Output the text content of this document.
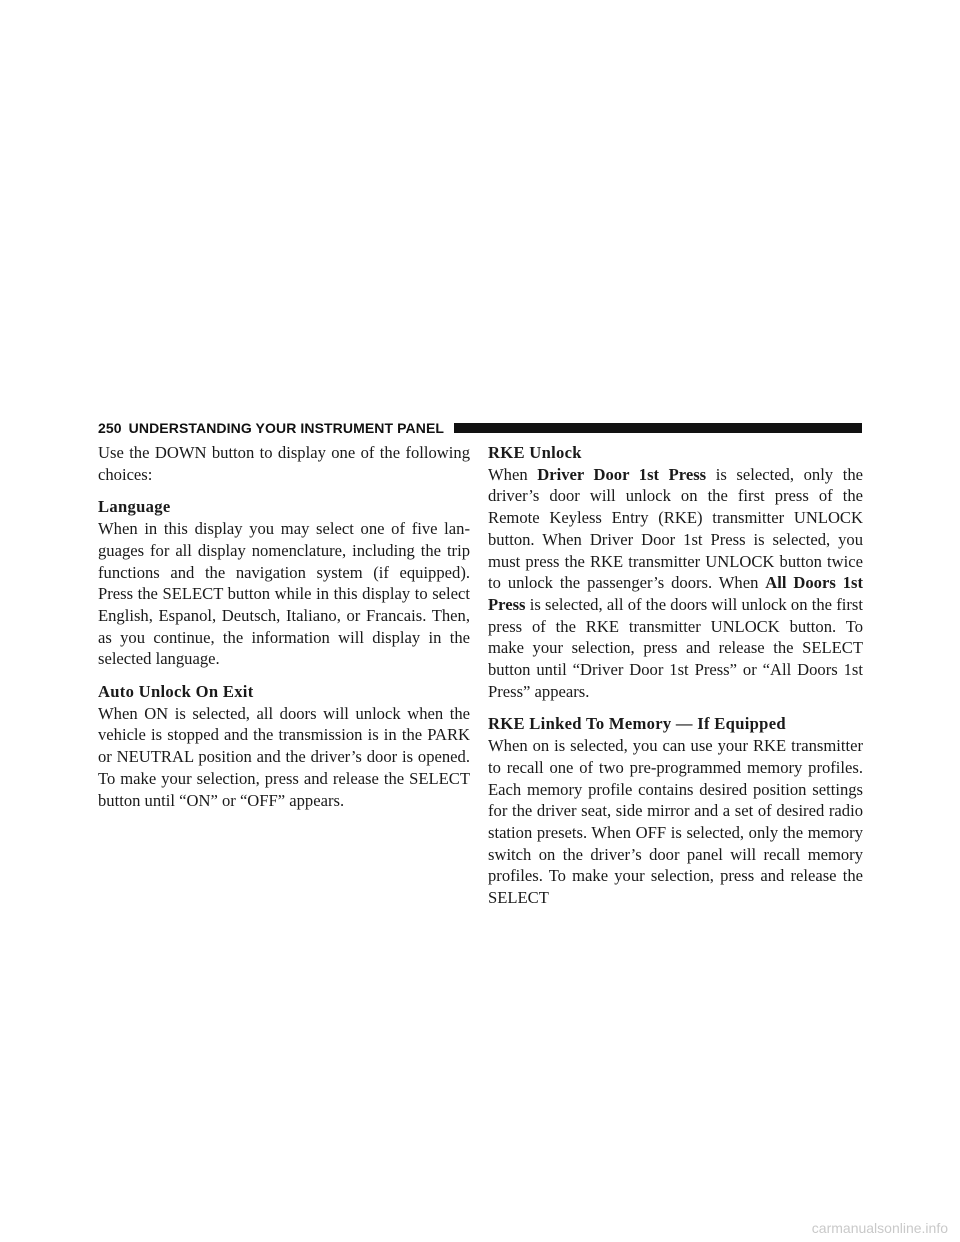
250 UNDERSTANDING YOUR INSTRUMENT PANEL

Use the DOWN button to display one of the following choices:

Language

When in this display you may select one of five languages for all display nomenclature, including the trip functions and the navigation system (if equipped). Press the SELECT button while in this display to select English, Espanol, Deutsch, Italiano, or Francais. Then, as you continue, the information will display in the selected language.

Auto Unlock On Exit

When ON is selected, all doors will unlock when the vehicle is stopped and the transmission is in the PARK or NEUTRAL position and the driver’s door is opened. To make your selection, press and release the SELECT button until “ON” or “OFF” appears.

RKE Unlock

When Driver Door 1st Press is selected, only the driver’s door will unlock on the first press of the Remote Keyless Entry (RKE) transmitter UNLOCK button. When Driver Door 1st Press is selected, you must press the RKE transmitter UNLOCK button twice to unlock the passenger’s doors. When All Doors 1st Press is selected, all of the doors will unlock on the first press of the RKE transmitter UNLOCK button. To make your selection, press and release the SELECT button until “Driver Door 1st Press” or “All Doors 1st Press” appears.

RKE Linked To Memory — If Equipped

When on is selected, you can use your RKE transmitter to recall one of two pre-programmed memory profiles. Each memory profile contains desired position settings for the driver seat, side mirror and a set of desired radio station presets. When OFF is selected, only the memory switch on the driver’s door panel will recall memory profiles. To make your selection, press and release the SELECT

carmanualsonline.info
